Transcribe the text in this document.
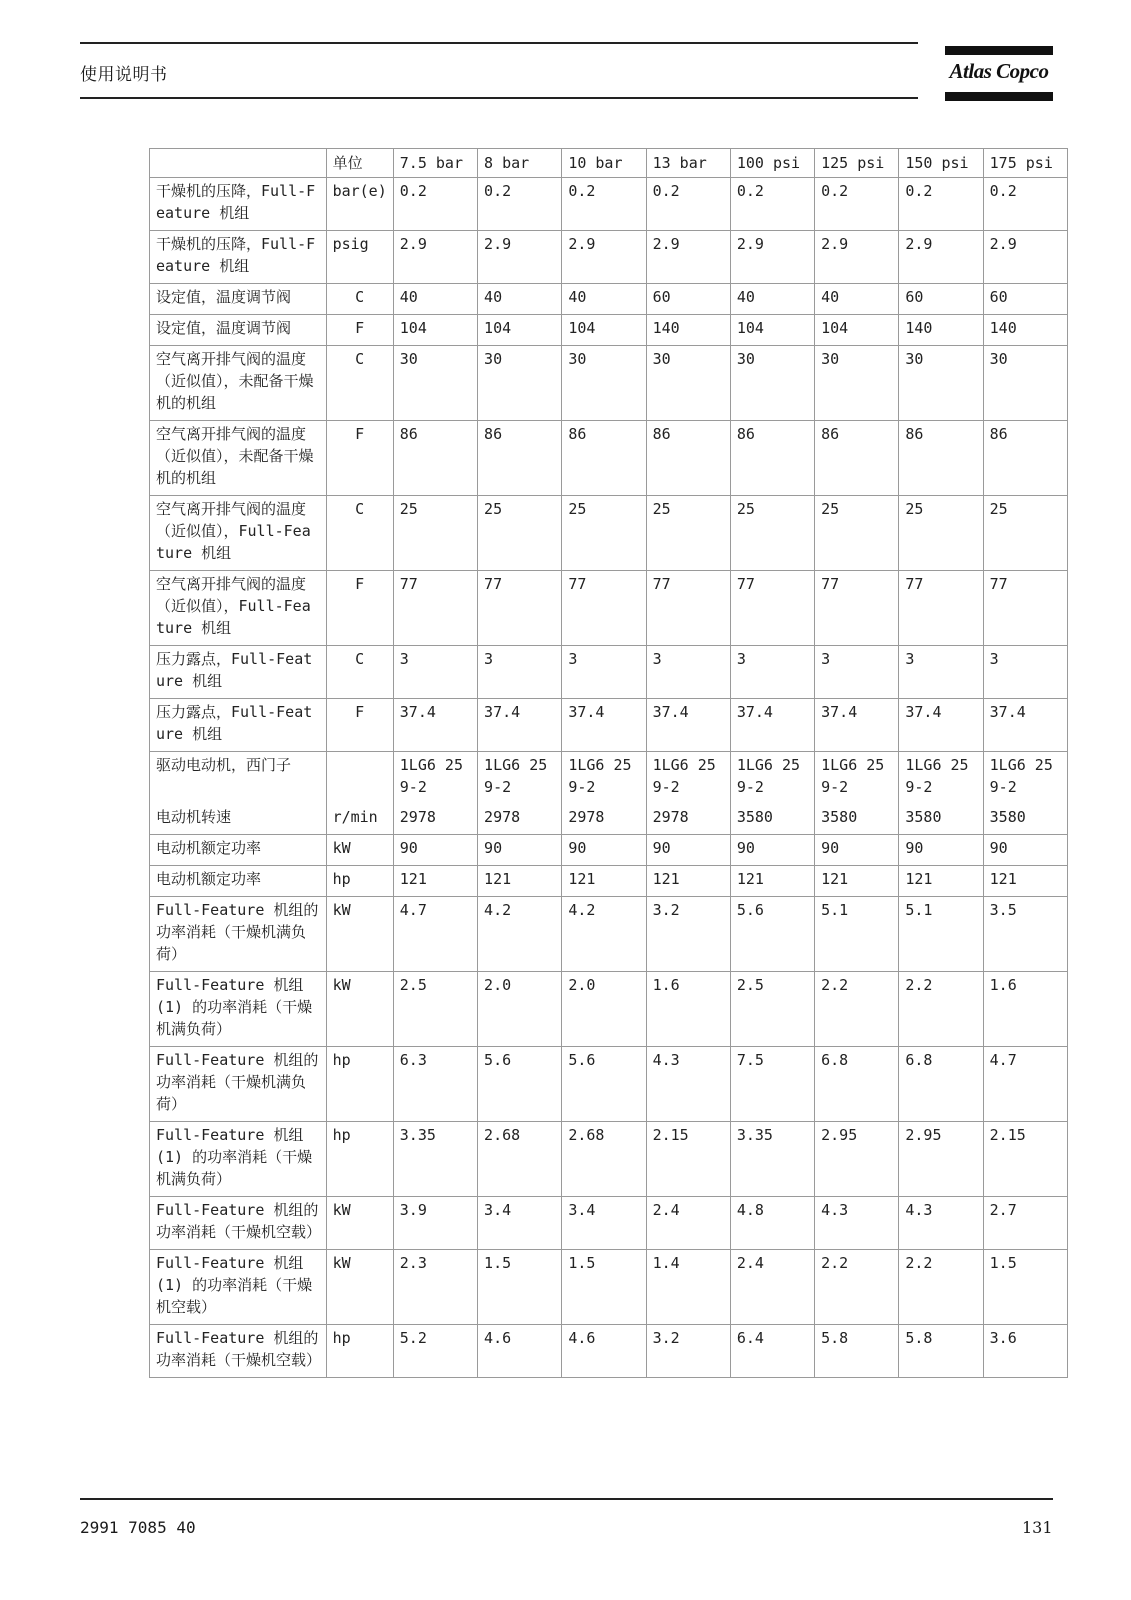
使用说明书	Atlas Copco
	单位	7.5 bar	8 bar	10 bar	13 bar	100 psi	125 psi	150 psi	175 psi
干燥机的压降，Full-Feature 机组	bar(e)	0.2	0.2	0.2	0.2	0.2	0.2	0.2	0.2
干燥机的压降，Full-Feature 机组	psig	2.9	2.9	2.9	2.9	2.9	2.9	2.9	2.9
设定值，温度调节阀	C	40	40	40	60	40	40	60	60
设定值，温度调节阀	F	104	104	104	140	104	104	140	140
空气离开排气阀的温度（近似值），未配备干燥机的机组	C	30	30	30	30	30	30	30	30
空气离开排气阀的温度（近似值），未配备干燥机的机组	F	86	86	86	86	86	86	86	86
空气离开排气阀的温度（近似值），Full-Feature 机组	C	25	25	25	25	25	25	25	25
空气离开排气阀的温度（近似值），Full-Feature 机组	F	77	77	77	77	77	77	77	77
压力露点，Full-Feature 机组	C	3	3	3	3	3	3	3	3
压力露点，Full-Feature 机组	F	37.4	37.4	37.4	37.4	37.4	37.4	37.4	37.4
驱动电动机，西门子		1LG6 259-2	1LG6 259-2	1LG6 259-2	1LG6 259-2	1LG6 259-2	1LG6 259-2	1LG6 259-2	1LG6 259-2
电动机转速	r/min	2978	2978	2978	2978	3580	3580	3580	3580
电动机额定功率	kW	90	90	90	90	90	90	90	90
电动机额定功率	hp	121	121	121	121	121	121	121	121
Full-Feature 机组的功率消耗（干燥机满负荷）	kW	4.7	4.2	4.2	3.2	5.6	5.1	5.1	3.5
Full-Feature 机组(1) 的功率消耗（干燥机满负荷）	kW	2.5	2.0	2.0	1.6	2.5	2.2	2.2	1.6
Full-Feature 机组的功率消耗（干燥机满负荷）	hp	6.3	5.6	5.6	4.3	7.5	6.8	6.8	4.7
Full-Feature 机组(1) 的功率消耗（干燥机满负荷）	hp	3.35	2.68	2.68	2.15	3.35	2.95	2.95	2.15
Full-Feature 机组的功率消耗（干燥机空载）	kW	3.9	3.4	3.4	2.4	4.8	4.3	4.3	2.7
Full-Feature 机组(1) 的功率消耗（干燥机空载）	kW	2.3	1.5	1.5	1.4	2.4	2.2	2.2	1.5
Full-Feature 机组的功率消耗（干燥机空载）	hp	5.2	4.6	4.6	3.2	6.4	5.8	5.8	3.6
2991 7085 40	131
